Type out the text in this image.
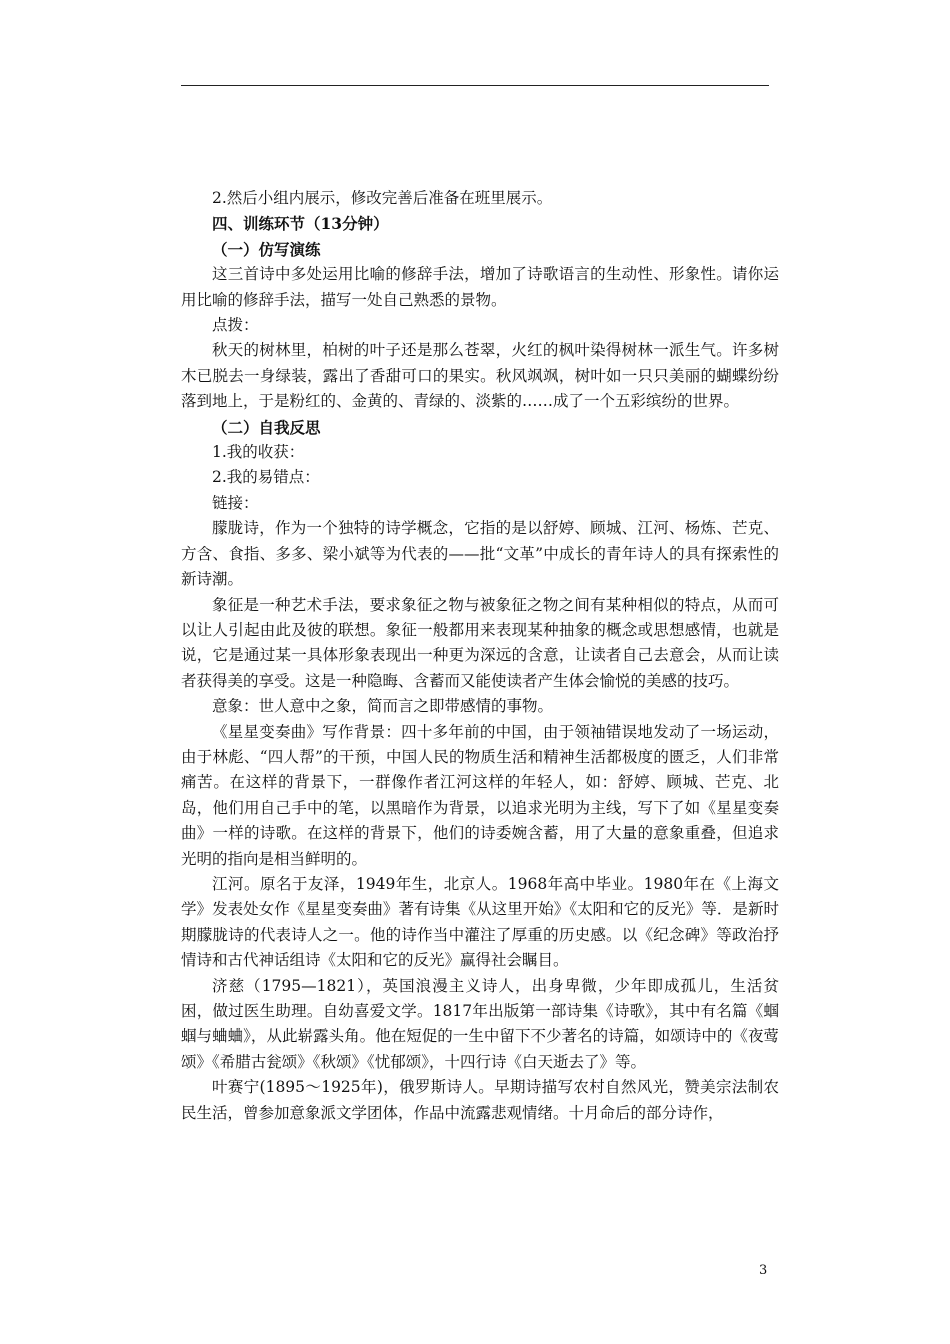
2.然后小组内展示，修改完善后准备在班里展示。

四、训练环节（13分钟）

（一）仿写演练

这三首诗中多处运用比喻的修辞手法，增加了诗歌语言的生动性、形象性。请你运用比喻的修辞手法，描写一处自己熟悉的景物。

点拨：

秋天的树林里，柏树的叶子还是那么苍翠，火红的枫叶染得树林一派生气。许多树木已脱去一身绿装，露出了香甜可口的果实。秋风飒飒，树叶如一只只美丽的蝴蝶纷纷落到地上，于是粉红的、金黄的、青绿的、淡紫的……成了一个五彩缤纷的世界。

（二）自我反思

1.我的收获：

2.我的易错点：

链接：

朦胧诗，作为一个独特的诗学概念，它指的是以舒婷、顾城、江河、杨炼、芒克、方含、食指、多多、梁小斌等为代表的——批“文革”中成长的青年诗人的具有探索性的新诗潮。

象征是一种艺术手法，要求象征之物与被象征之物之间有某种相似的特点，从而可以让人引起由此及彼的联想。象征一般都用来表现某种抽象的概念或思想感情，也就是说，它是通过某一具体形象表现出一种更为深远的含意，让读者自己去意会，从而让读者获得美的享受。这是一种隐晦、含蓄而又能使读者产生体会愉悦的美感的技巧。

意象：世人意中之象，简而言之即带感情的事物。

《星星变奏曲》写作背景：四十多年前的中国，由于领袖错误地发动了一场运动，由于林彪、“四人帮”的干预，中国人民的物质生活和精神生活都极度的匮乏，人们非常痛苦。在这样的背景下，一群像作者江河这样的年轻人，如：舒婷、顾城、芒克、北岛，他们用自己手中的笔，以黑暗作为背景，以追求光明为主线，写下了如《星星变奏曲》一样的诗歌。在这样的背景下，他们的诗委婉含蓄，用了大量的意象重叠，但追求光明的指向是相当鲜明的。

江河。原名于友泽，1949年生，北京人。1968年高中毕业。1980年在《上海文学》发表处女作《星星变奏曲》著有诗集《从这里开始》《太阳和它的反光》等．是新时期朦胧诗的代表诗人之一。他的诗作当中灌注了厚重的历史感。以《纪念碑》等政治抒情诗和古代神话组诗《太阳和它的反光》赢得社会瞩目。

济慈（1795—1821），英国浪漫主义诗人，出身卑微，少年即成孤儿，生活贫困，做过医生助理。自幼喜爱文学。1817年出版第一部诗集《诗歌》，其中有名篇《蝈蝈与蛐蛐》，从此崭露头角。他在短促的一生中留下不少著名的诗篇，如颂诗中的《夜莺颂》《希腊古瓮颂》《秋颂》《忧郁颂》，十四行诗《白天逝去了》等。

叶赛宁(1895～1925年)，俄罗斯诗人。早期诗描写农村自然风光，赞美宗法制农民生活，曾参加意象派文学团体，作品中流露悲观情绪。十月命后的部分诗作，

3
